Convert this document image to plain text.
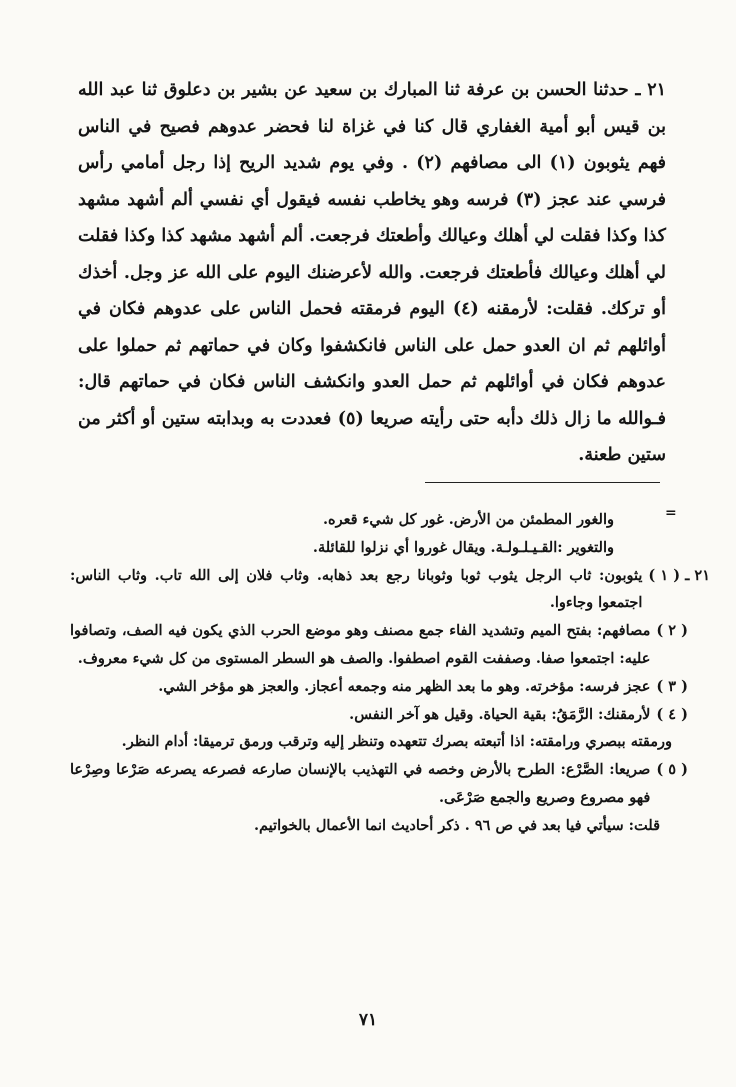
٢١ ـ حدثنا الحسن بن عرفة ثنا المبارك بن سعيد عن بشير بن دعلوق ثنا عبد الله بن قيس أبو أمية الغفاري قال كنا في غزاة لنا فحضر عدوهم فصيح في الناس فهم يثوبون (١) الى مصافهم (٢) . وفي يوم شديد الريح إذا رجل أمامي رأس فرسي عند عجز (٣) فرسه وهو يخاطب نفسه فيقول أي نفسي ألم أشهد مشهد كذا وكذا فقلت لي أهلك وعيالك وأطعتك فرجعت. ألم أشهد مشهد كذا وكذا فقلت لي أهلك وعيالك فأطعتك فرجعت. والله لأعرضنك اليوم على الله عز وجل. أخذك أو تركك. فقلت: لأرمقنه (٤) اليوم فرمقته فحمل الناس على عدوهم فكان في أوائلهم ثم ان العدو حمل على الناس فانكشفوا وكان في حماتهم ثم حملوا على عدوهم فكان في أوائلهم ثم حمل العدو وانكشف الناس فكان في حماتهم قال: فـوالله ما زال ذلك دأبه حتى رأيته صريعا (٥) فعددت به وبدابته ستين أو أكثر من ستين طعنة.

=

والغور المطمئن من الأرض. غور كل شيء قعره.

والتغوير :القـيـلـولـة. ويقال غوروا أي نزلوا للقائلة.

٢١ ـ ( ١ )
يثوبون: ثاب الرجل يثوب ثوبا وثوبانا رجع بعد ذهابه. وثاب فلان إلى الله تاب. وثاب الناس: اجتمعوا وجاءوا.
( ٢ )
مصافهم: بفتح الميم وتشديد الفاء جمع مصنف وهو موضع الحرب الذي يكون فيه الصف، وتصافوا عليه: اجتمعوا صفا. وصففت القوم اصطفوا. والصف هو السطر المستوى من كل شيء معروف.
( ٣ )
عجز فرسه: مؤخرته. وهو ما بعد الظهر منه وجمعه أعجاز. والعجز هو مؤخر الشي.
( ٤ )
لأرمقنك: الرَّمَقُ: بقية الحياة. وقيل هو آخر النفس.
ورمقته ببصري ورامقته: اذا أتبعته بصرك تتعهده وتنظر إليه وترقب ورمق ترميقا: أدام النظر.
( ٥ )
صريعا: الصَّرْع: الطرح بالأرض وخصه في التهذيب بالإنسان صارعه فصرعه يصرعه صَرْعا وصِرْعا فهو مصروع وصريع والجمع صَرْعَى.

قلت: سيأتي فيا بعد في ص ٩٦ . ذكر أحاديث انما الأعمال بالخواتيم.

٧١
